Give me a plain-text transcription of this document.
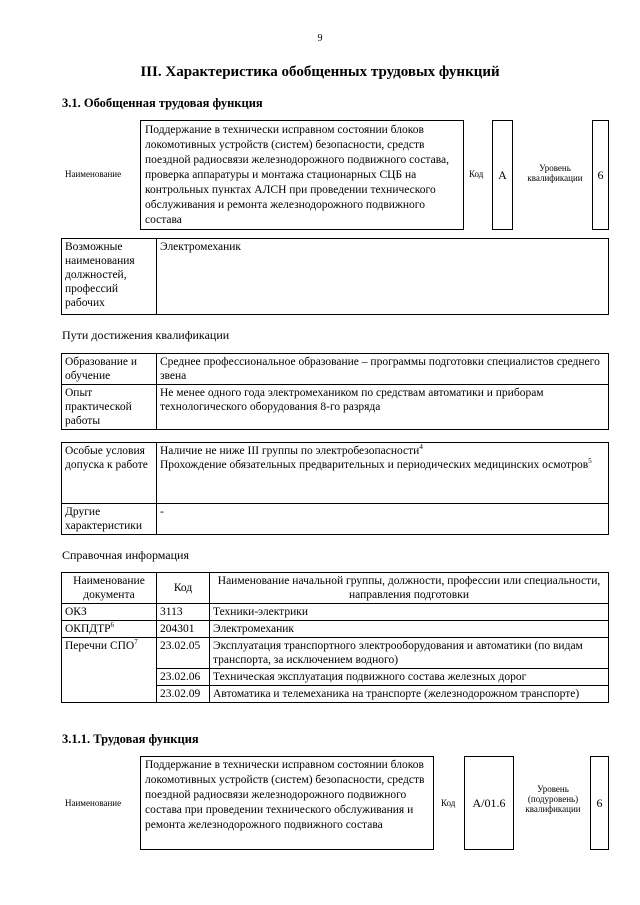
9
III. Характеристика обобщенных трудовых функций
3.1. Обобщенная трудовая функция
Наименование
Поддержание в технически исправном состоянии блоков локомотивных устройств (систем) безопасности, средств поездной радиосвязи железнодорожного подвижного состава, проверка аппаратуры и монтажа стационарных СЦБ на контрольных пунктах АЛСН при проведении технического обслуживания и ремонта железнодорожного подвижного состава
Код	А	Уровень квалификации	6
Возможные наименования должностей, профессий рабочих	Электромеханик
Пути достижения квалификации
Образование и обучение	Среднее профессиональное образование – программы подготовки специалистов среднего звена
Опыт практической работы	Не менее одного года электромехаником по средствам автоматики и приборам технологического оборудования 8-го разряда
Особые условия допуска к работе	Наличие не ниже III группы по электробезопасности$^4$
Прохождение обязательных предварительных и периодических медицинских осмотров$^5$
Другие характеристики	-
Справочная информация
Наименование документа	Код	Наименование начальной группы, должности, профессии или специальности, направления подготовки
ОКЗ	3113	Техники-электрики
ОКПДТР$^6$	204301	Электромеханик
Перечни СПО$^7$	23.02.05	Эксплуатация транспортного электрооборудования и автоматики (по видам транспорта, за исключением водного)
	23.02.06	Техническая эксплуатация подвижного состава железных дорог
	23.02.09	Автоматика и телемеханика на транспорте (железнодорожном транспорте)
3.1.1. Трудовая функция
Наименование
Поддержание в технически исправном состоянии блоков локомотивных устройств (систем) безопасности, средств поездной радиосвязи железнодорожного подвижного состава при проведении технического обслуживания и ремонта железнодорожного подвижного состава
Код	A/01.6
Уровень (подуровень) квалификации	6
